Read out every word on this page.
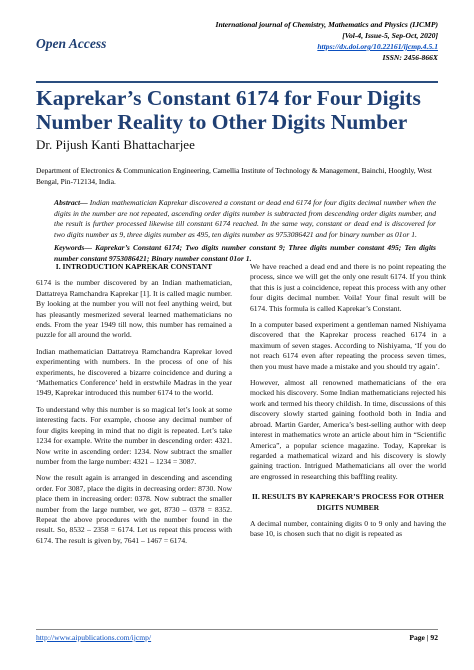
Open Access
International journal of Chemistry, Mathematics and Physics (IJCMP)
[Vol-4, Issue-5, Sep-Oct, 2020]
https://dx.doi.org/10.22161/ijcmp.4.5.1
ISSN: 2456-866X
Kaprekar’s Constant 6174 for Four Digits Number Reality to Other Digits Number
Dr. Pijush Kanti Bhattacharjee
Department of Electronics & Communication Engineering, Camellia Institute of Technology & Management, Bainchi, Hooghly, West Bengal, Pin-712134, India.
Abstract— Indian mathematician Kaprekar discovered a constant or dead end 6174 for four digits decimal number when the digits in the number are not repeated, ascending order digits number is subtracted from descending order digits number, and the result is further processed likewise till constant 6174 reached. In the same way, constant or dead end is discovered for two digits number as 9, three digits number as 495, ten digits number as 9753086421 and for binary number as 01or 1.
Keywords— Kaprekar’s Constant 6174; Two digits number constant 9; Three digits number constant 495; Ten digits number constant 9753086421; Binary number constant 01or 1.
I. INTRODUCTION KAPREKAR CONSTANT

6174 is the number discovered by an Indian mathematician, Dattatreya Ramchandra Kaprekar [1]. It is called magic number. By looking at the number you will not feel anything weird, but has pleasantly mesmerized several learned mathematicians no ends. From the year 1949 till now, this number has remained a puzzle for all around the world.

Indian mathematician Dattatreya Ramchandra Kaprekar loved experimenting with numbers. In the process of one of his experiments, he discovered a bizarre coincidence and during a ‘Mathematics Conference’ held in erstwhile Madras in the year 1949, Kaprekar introduced this number 6174 to the world.

To understand why this number is so magical let’s look at some interesting facts. For example, choose any decimal number of four digits keeping in mind that no digit is repeated. Let’s take 1234 for example. Write the number in descending order: 4321. Now write in ascending order: 1234. Now subtract the smaller number from the large number: 4321 – 1234 = 3087.

Now the result again is arranged in descending and ascending order. For 3087, place the digits in decreasing order: 8730. Now place them in increasing order: 0378. Now subtract the smaller number from the large number, we get, 8730 – 0378 = 8352. Repeat the above procedures with the number found in the result. So, 8532 – 2358 = 6174. Let us repeat this process with 6174. The result is given by, 7641 – 1467 = 6174.

We have reached a dead end and there is no point repeating the process, since we will get the only one result 6174. If you think that this is just a coincidence, repeat this process with any other four digits decimal number. Voila! Your final result will be 6174. This formula is called Kaprekar’s Constant.

In a computer based experiment a gentleman named Nishiyama discovered that the Kaprekar process reached 6174 in a maximum of seven stages. According to Nishiyama, ‘If you do not reach 6174 even after repeating the process seven times, then you must have made a mistake and you should try again’.

However, almost all renowned mathematicians of the era mocked his discovery. Some Indian mathematicians rejected his work and termed his theory childish. In time, discussions of this discovery slowly started gaining foothold both in India and abroad. Martin Garder, America’s best-selling author with deep interest in mathematics wrote an article about him in “Scientific America”, a popular science magazine. Today, Kaprekar is regarded a mathematical wizard and his discovery is slowly gaining traction. Intrigued Mathematicians all over the world are engrossed in researching this baffling reality.

II. RESULTS BY KAPREKAR’S PROCESS FOR OTHER DIGITS NUMBER

A decimal number, containing digits 0 to 9 only and having the base 10, is chosen such that no digit is repeated as

http://www.aipublications.com/ijcmp/	Page | 92
